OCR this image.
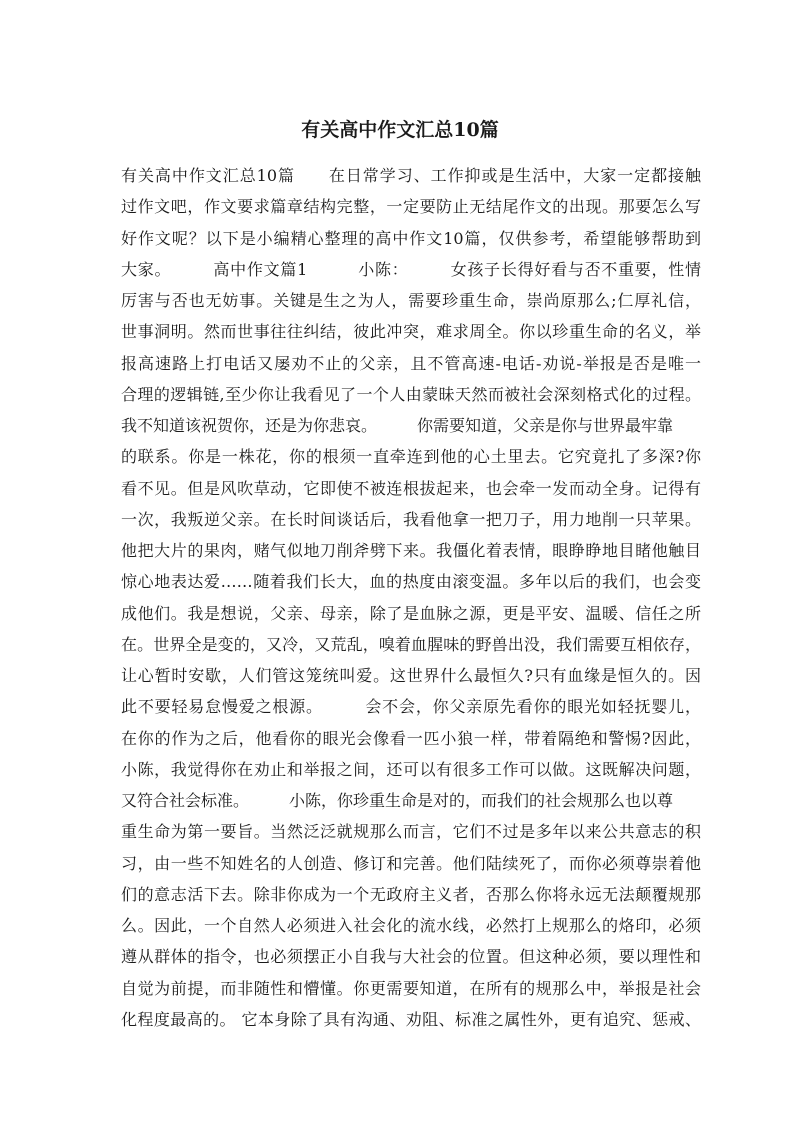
有关高中作文汇总10篇
有关高中作文汇总10篇　　在日常学习、工作抑或是生活中，大家一定都接触
过作文吧，作文要求篇章结构完整，一定要防止无结尾作文的出现。那要怎么写
好作文呢？以下是小编精心整理的高中作文10篇，仅供参考，希望能够帮助到
大家。　　　高中作文篇1　　　小陈：　　　女孩子长得好看与否不重要，性情
厉害与否也无妨事。关键是生之为人，需要珍重生命，崇尚原那么;仁厚礼信，
世事洞明。然而世事往往纠结，彼此冲突，难求周全。你以珍重生命的名义，举
报高速路上打电话又屡劝不止的父亲，且不管高速-电话-劝说-举报是否是唯一
合理的逻辑链,至少你让我看见了一个人由蒙昧天然而被社会深刻格式化的过程。
我不知道该祝贺你，还是为你悲哀。　　　你需要知道，父亲是你与世界最牢靠
的联系。你是一株花，你的根须一直牵连到他的心土里去。它究竟扎了多深?你
看不见。但是风吹草动，它即使不被连根拔起来，也会牵一发而动全身。记得有
一次，我叛逆父亲。在长时间谈话后，我看他拿一把刀子，用力地削一只苹果。
他把大片的果肉，赌气似地刀削斧劈下来。我僵化着表情，眼睁睁地目睹他触目
惊心地表达爱……随着我们长大，血的热度由滚变温。多年以后的我们，也会变
成他们。我是想说，父亲、母亲，除了是血脉之源，更是平安、温暖、信任之所
在。世界全是变的，又冷，又荒乱，嗅着血腥味的野兽出没，我们需要互相依存，
让心暂时安歇，人们管这笼统叫爱。这世界什么最恒久?只有血缘是恒久的。因
此不要轻易怠慢爱之根源。　　　会不会，你父亲原先看你的眼光如轻抚婴儿，
在你的作为之后，他看你的眼光会像看一匹小狼一样，带着隔绝和警惕?因此，
小陈，我觉得你在劝止和举报之间，还可以有很多工作可以做。这既解决问题，
又符合社会标准。　　　小陈，你珍重生命是对的，而我们的社会规那么也以尊
重生命为第一要旨。当然泛泛就规那么而言，它们不过是多年以来公共意志的积
习，由一些不知姓名的人创造、修订和完善。他们陆续死了，而你必须尊崇着他
们的意志活下去。除非你成为一个无政府主义者，否那么你将永远无法颠覆规那
么。因此，一个自然人必须进入社会化的流水线，必然打上规那么的烙印，必须
遵从群体的指令，也必须摆正小自我与大社会的位置。但这种必须，要以理性和
自觉为前提，而非随性和懵懂。你更需要知道，在所有的规那么中，举报是社会
化程度最高的。 它本身除了具有沟通、劝阻、标准之属性外，更有追究、惩戒、
